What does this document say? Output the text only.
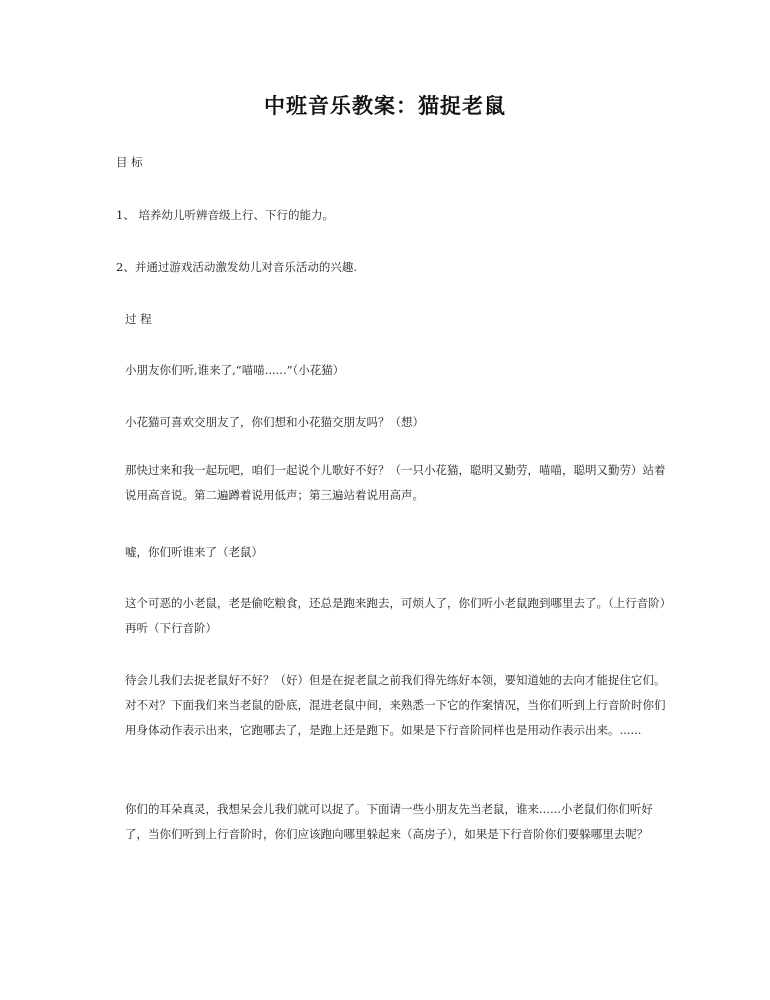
中班音乐教案：猫捉老鼠
目 标
1、 培养幼儿听辨音级上行、下行的能力。
2、并通过游戏活动激发幼儿对音乐活动的兴趣.
过 程
小朋友你们听,谁来了,“喵喵......”（小花猫）
小花猫可喜欢交朋友了，你们想和小花猫交朋友吗？（想）
那快过来和我一起玩吧，咱们一起说个儿歌好不好？（一只小花猫，聪明又勤劳，喵喵，聪明又勤劳）站着说用高音说。第二遍蹲着说用低声；第三遍站着说用高声。
嘘，你们听谁来了（老鼠）
这个可恶的小老鼠，老是偷吃粮食，还总是跑来跑去，可烦人了，你们听小老鼠跑到哪里去了。（上行音阶）再听（下行音阶）
待会儿我们去捉老鼠好不好？（好）但是在捉老鼠之前我们得先练好本领，要知道她的去向才能捉住它们。对不对？下面我们来当老鼠的卧底，混进老鼠中间，来熟悉一下它的作案情况，当你们听到上行音阶时你们用身体动作表示出来，它跑哪去了，是跑上还是跑下。如果是下行音阶同样也是用动作表示出来。......
你们的耳朵真灵，我想呆会儿我们就可以捉了。下面请一些小朋友先当老鼠，谁来......小老鼠们你们听好了，当你们听到上行音阶时，你们应该跑向哪里躲起来（高房子），如果是下行音阶你们要躲哪里去呢？
